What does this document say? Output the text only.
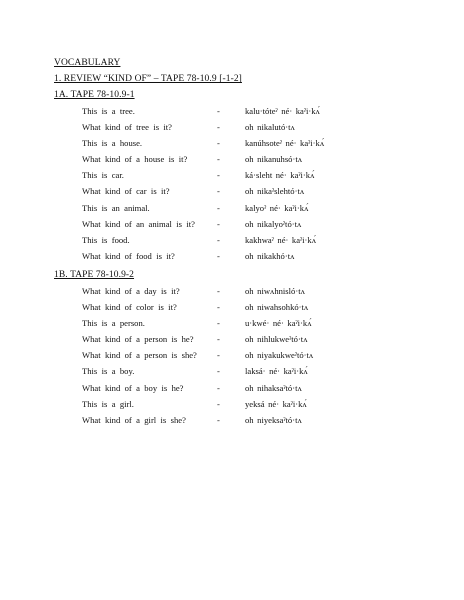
VOCABULARY
1. REVIEW “KIND OF” – TAPE 78-10.9 [-1-2]
1A. TAPE 78-10.9-1
This is a tree.	-	kalu·tóteˀ né· kaˀi·kʌ́
What kind of tree is it?	-	oh nikalutó·tʌ
This is a house.	-	kanúhsoteˀ né· kaˀi·kʌ́
What kind of a house is it?	-	oh nikanuhsó·tʌ
This is car.	-	ká·sleht né· kaˀi·kʌ́
What kind of car is it?	-	oh nikaˀslehtó·tʌ
This is an animal.	-	kalyoˀ né· kaˀi·kʌ́
What kind of an animal is it?	-	oh nikalyoˀtó·tʌ
This is food.	-	kakhwaˀ né· kaˀi·kʌ́
What kind of food is it?	-	oh nikakhó·tʌ
1B. TAPE 78-10.9-2
What kind of a day is it?	-	oh niwʌhnisló·tʌ
What kind of color is it?	-	oh niwahsohkó·tʌ
This is a person.	-	u·kwé· né· kaˀi·kʌ́
What kind of a person is he?	-	oh nihlukweˀtó·tʌ
What kind of a person is she? -	oh niyakukweˀtó·tʌ
This is a boy.	-	laksá· né· kaˀi·kʌ́
What kind of a boy is he?	-	oh nihaksaˀtó·tʌ
This is a girl.	-	yeksá né· kaˀi·kʌ́
What kind of a girl is she?	-	oh niyeksaˀtó·tʌ
